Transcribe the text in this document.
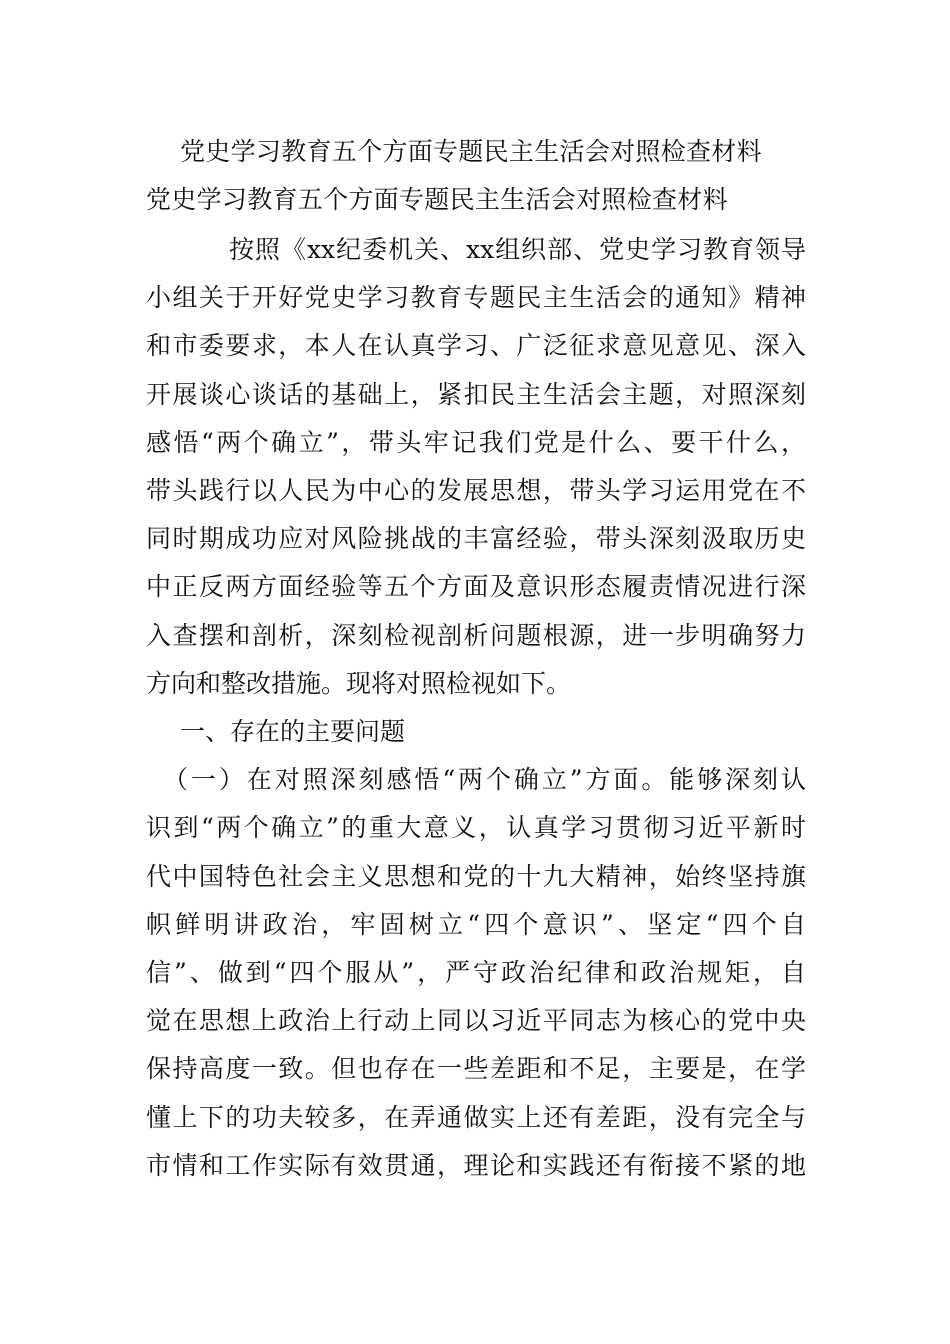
党史学习教育五个方面专题民主生活会对照检查材料
党史学习教育五个方面专题民主生活会对照检查材料
按照《xx纪委机关、xx组织部、党史学习教育领导
小组关于开好党史学习教育专题民主生活会的通知》精神
和市委要求，本人在认真学习、广泛征求意见意见、深入
开展谈心谈话的基础上，紧扣民主生活会主题，对照深刻
感悟“两个确立”，带头牢记我们党是什么、要干什么，
带头践行以人民为中心的发展思想，带头学习运用党在不
同时期成功应对风险挑战的丰富经验，带头深刻汲取历史
中正反两方面经验等五个方面及意识形态履责情况进行深
入查摆和剖析，深刻检视剖析问题根源，进一步明确努力
方向和整改措施。现将对照检视如下。
一、存在的主要问题
（一）在对照深刻感悟“两个确立”方面。能够深刻认
识到“两个确立”的重大意义，认真学习贯彻习近平新时
代中国特色社会主义思想和党的十九大精神，始终坚持旗
帜鲜明讲政治，牢固树立“四个意识”、坚定“四个自
信”、做到“四个服从”，严守政治纪律和政治规矩，自
觉在思想上政治上行动上同以习近平同志为核心的党中央
保持高度一致。但也存在一些差距和不足，主要是，在学
懂上下的功夫较多，在弄通做实上还有差距，没有完全与
市情和工作实际有效贯通，理论和实践还有衔接不紧的地
